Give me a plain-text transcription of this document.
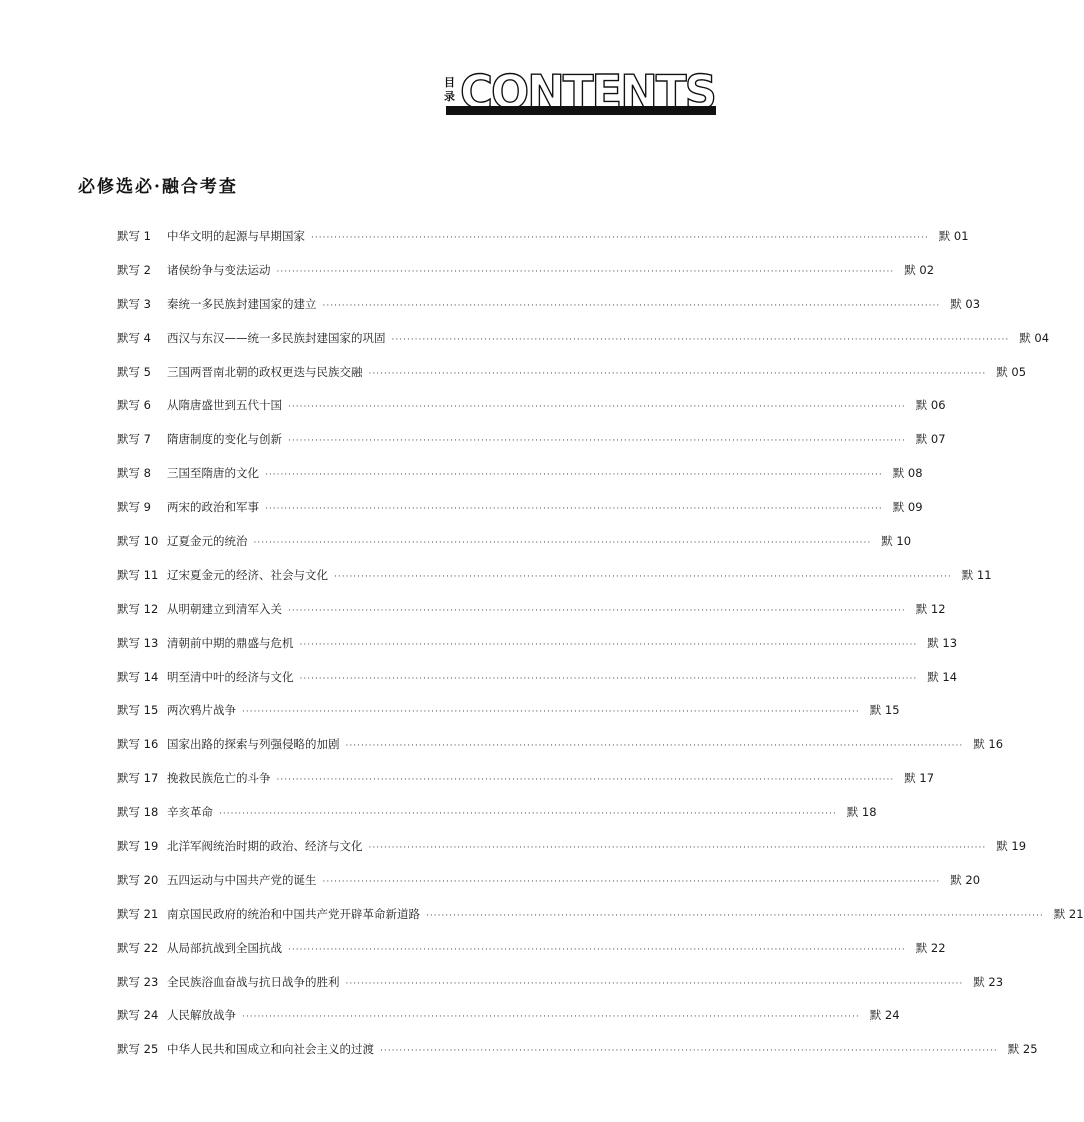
目
录 CONTENTS
必修选必·融合考查
默写 1	中华文明的起源与早期国家 ································································································································································ 默 01
默写 2	诸侯纷争与变法运动 ································································································································································ 默 02
默写 3	秦统一多民族封建国家的建立 ································································································································································ 默 03
默写 4	西汉与东汉——统一多民族封建国家的巩固 ································································································································································ 默 04
默写 5	三国两晋南北朝的政权更迭与民族交融 ································································································································································ 默 05
默写 6	从隋唐盛世到五代十国 ································································································································································ 默 06
默写 7	隋唐制度的变化与创新 ································································································································································ 默 07
默写 8	三国至隋唐的文化 ································································································································································ 默 08
默写 9	两宋的政治和军事 ································································································································································ 默 09
默写 10 辽夏金元的统治 ································································································································································ 默 10
默写 11 辽宋夏金元的经济、社会与文化 ································································································································································ 默 11
默写 12 从明朝建立到清军入关 ································································································································································ 默 12
默写 13 清朝前中期的鼎盛与危机 ································································································································································ 默 13
默写 14 明至清中叶的经济与文化 ································································································································································ 默 14
默写 15 两次鸦片战争 ································································································································································ 默 15
默写 16 国家出路的探索与列强侵略的加剧 ································································································································································ 默 16
默写 17 挽救民族危亡的斗争 ································································································································································ 默 17
默写 18 辛亥革命 ································································································································································ 默 18
默写 19 北洋军阀统治时期的政治、经济与文化 ································································································································································ 默 19
默写 20 五四运动与中国共产党的诞生 ································································································································································ 默 20
默写 21 南京国民政府的统治和中国共产党开辟革命新道路 ································································································································································ 默 21
默写 22 从局部抗战到全国抗战 ································································································································································ 默 22
默写 23 全民族浴血奋战与抗日战争的胜利 ································································································································································ 默 23
默写 24 人民解放战争 ································································································································································ 默 24
默写 25 中华人民共和国成立和向社会主义的过渡 ································································································································································ 默 25
